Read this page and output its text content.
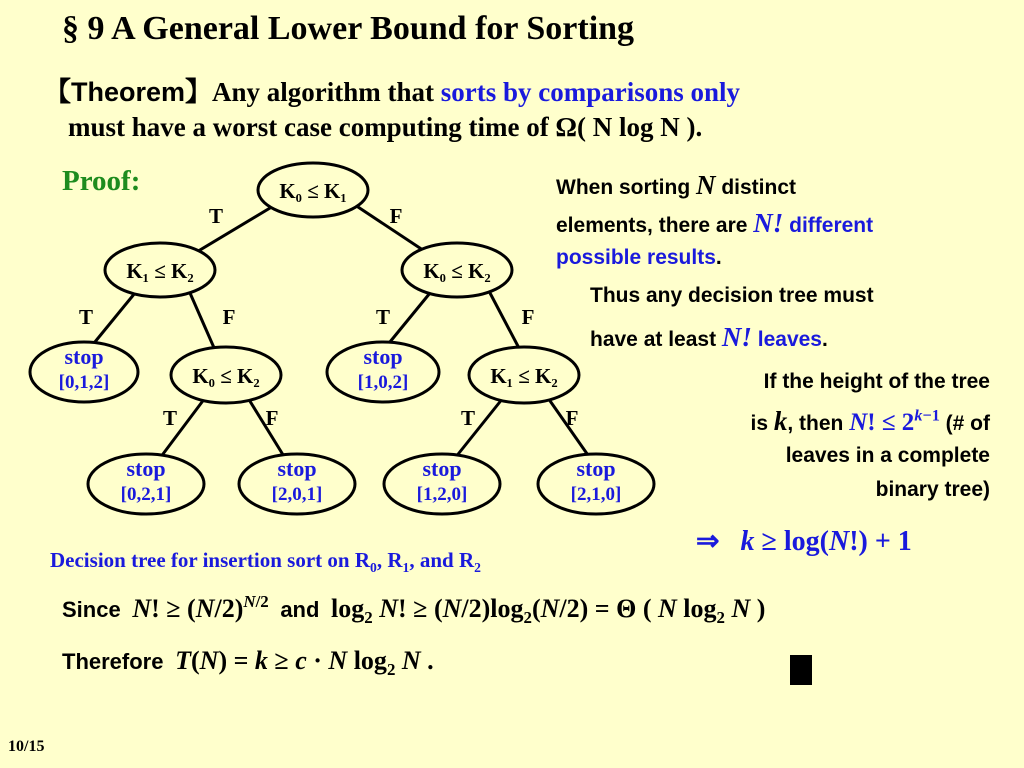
§ 9 A General Lower Bound for Sorting
【Theorem】Any algorithm that sorts by comparisons only
must have a worst case computing time of Ω( N log N ).
Proof:	K₀ ≤ K₁
K₁ ≤ K₂	K₀ ≤ K₂
K₀ ≤ K₂	K₁ ≤ K₂
stop	stop
stop	stop	stop	stop
[0,1,2]	[1,0,2]
[0,2,1]	[2,0,1]	[1,2,0]	[2,1,0]
T	F
T	F	T	F
T	F	T	F
When sorting N distinct
elements, there are N! different
possible results.
Thus any decision tree must
have at least N! leaves.
If the height of the tree
is k, then N! ≤ $2^{k-1}$ (# of
leaves in a complete
binary tree)
⇒   k ≥ log(N!) + 1
Decision tree for insertion sort on $R_0$, $R_1$, and $R_2$
Since  N! ≥ $(N/2)^{N/2}$  and  $\log_2 N$! ≥ $(N/2)\log_2(N/2) = \Theta$ ( N $\log_2 N$ )
Therefore  T(N) = k ≥ c · N $\log_2 N$ .
10/15
